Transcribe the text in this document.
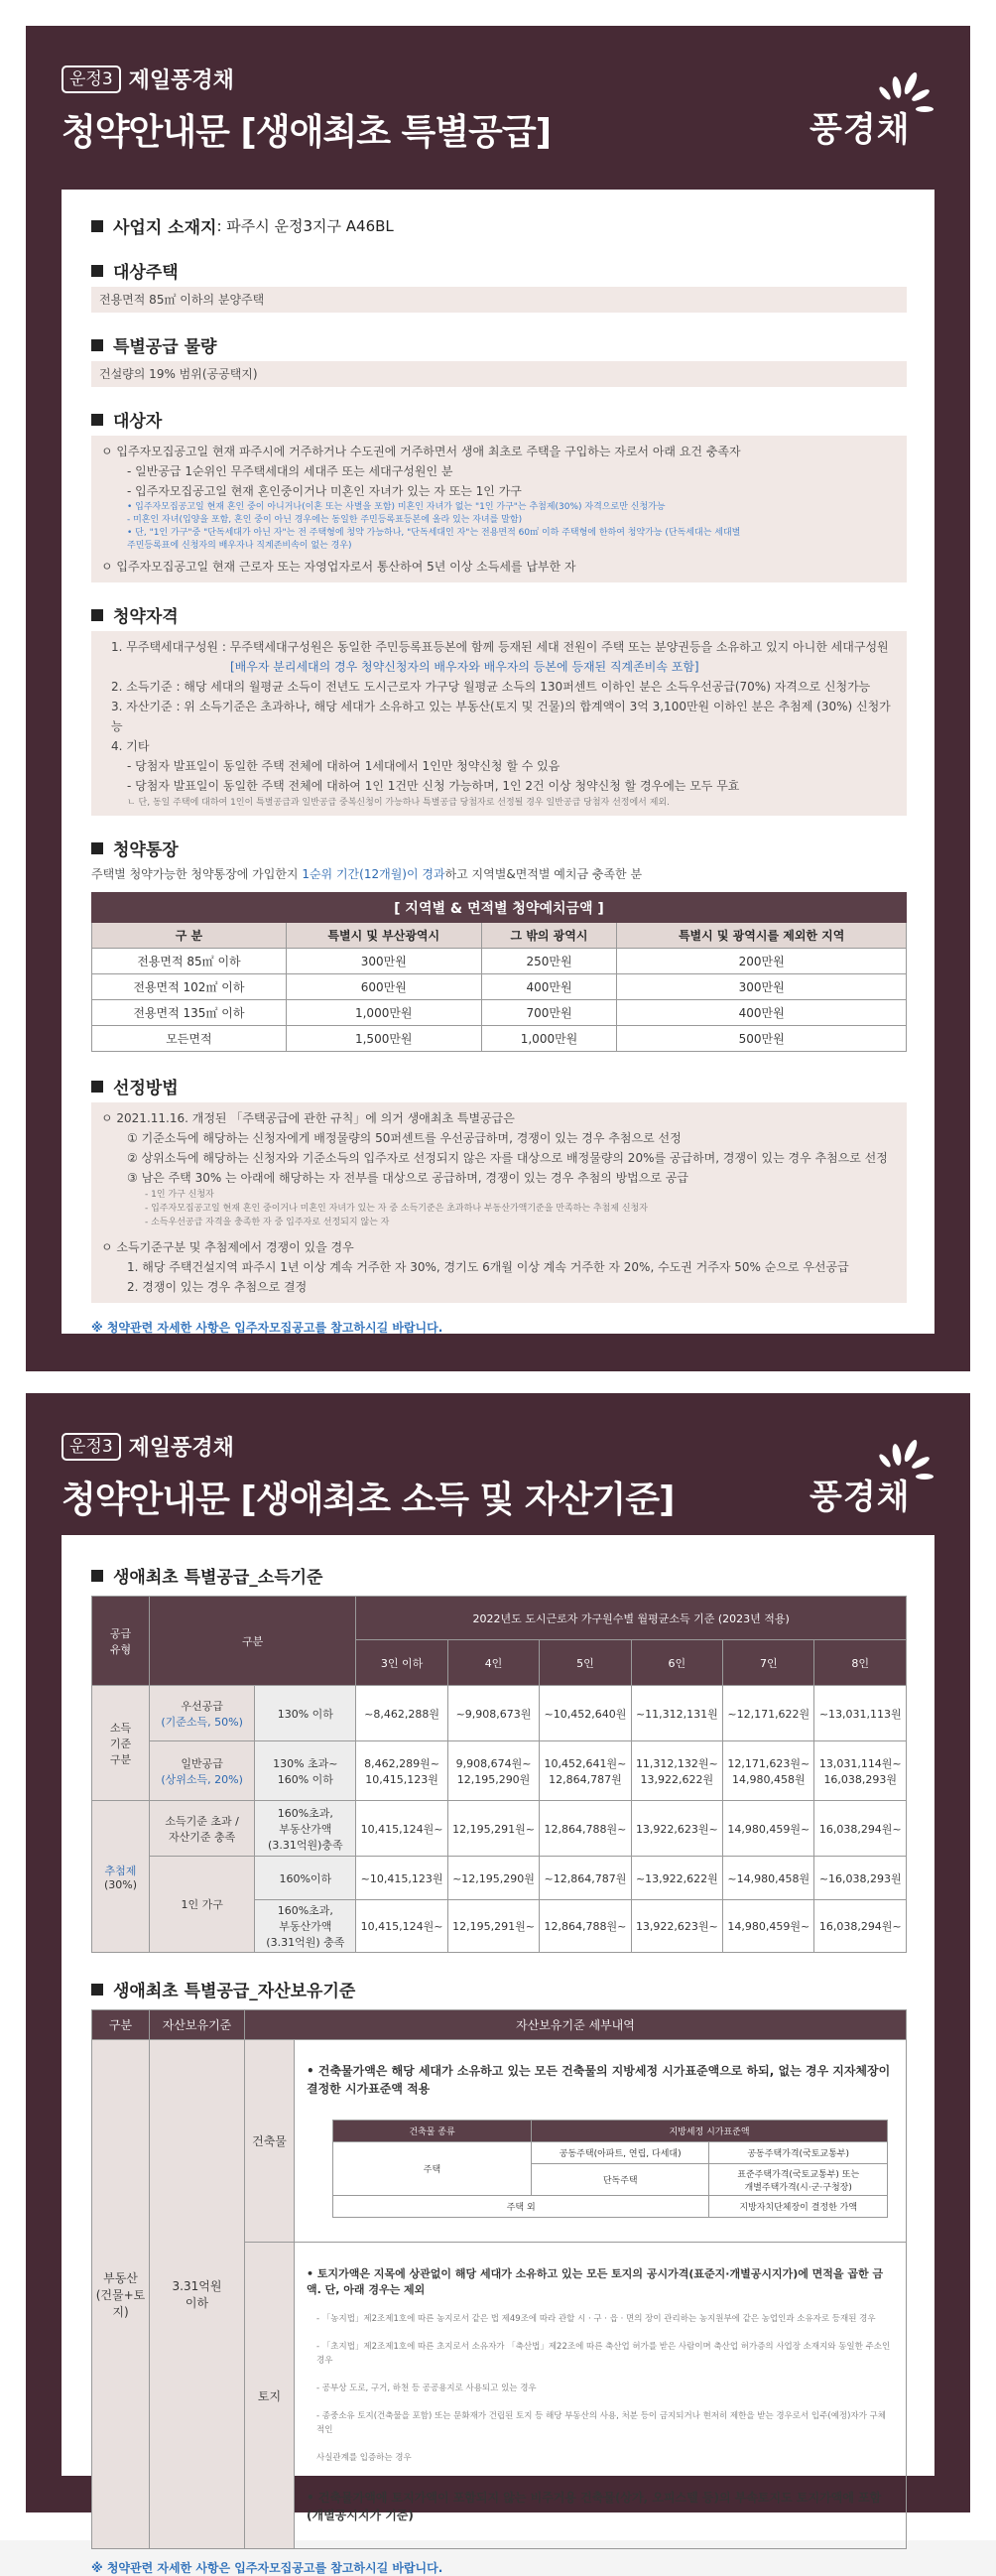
운정3 제일풍경채
청약안내문 [생애최초 특별공급]	풍경채
사업지 소재지 : 파주시 운정3지구 A46BL
대상주택
전용면적 85㎡ 이하의 분양주택
특별공급 물량
건설량의 19% 범위(공공택지)
대상자
ㅇ 입주자모집공고일 현재 파주시에 거주하거나 수도권에 거주하면서 생애 최초로 주택을 구입하는 자로서 아래 요건 충족자
- 일반공급 1순위인 무주택세대의 세대주 또는 세대구성원인 분
- 입주자모집공고일 현재 혼인중이거나 미혼인 자녀가 있는 자 또는 1인 가구
• 입주자모집공고일 현재 혼인 중이 아니거나(이혼 또는 사별을 포함) 미혼인 자녀가 없는 "1인 가구"는 추첨제(30%) 자격으로만 신청가능
- 미혼인 자녀(입양을 포함, 혼인 중이 아닌 경우에는 동일한 주민등록표등본에 올라 있는 자녀를 말함)
• 단, "1인 가구"중 "단독세대가 아닌 자"는 전 주택형에 청약 가능하나, "단독세대인 자"는 전용면적 60㎡ 이하 주택형에 한하여 청약가능 (단독세대는 세대별
주민등록표에 신청자의 배우자나 직계존비속이 없는 경우)
ㅇ 입주자모집공고일 현재 근로자 또는 자영업자로서 통산하여 5년 이상 소득세를 납부한 자
청약자격
1. 무주택세대구성원 : 무주택세대구성원은 동일한 주민등록표등본에 함께 등재된 세대 전원이 주택 또는 분양권등을 소유하고 있지 아니한 세대구성원
[배우자 분리세대의 경우 청약신청자의 배우자와 배우자의 등본에 등재된 직계존비속 포함]
2. 소득기준 : 해당 세대의 월평균 소득이 전년도 도시근로자 가구당 월평균 소득의 130퍼센트 이하인 분은 소득우선공급(70%) 자격으로 신청가능
3. 자산기준 : 위 소득기준은 초과하나, 해당 세대가 소유하고 있는 부동산(토지 및 건물)의 합계액이 3억 3,100만원 이하인 분은 추첨제 (30%) 신청가능
4. 기타
- 당첨자 발표일이 동일한 주택 전체에 대하여 1세대에서 1인만 청약신청 할 수 있음
- 당첨자 발표일이 동일한 주택 전체에 대하여 1인 1건만 신청 가능하며, 1인 2건 이상 청약신청 할 경우에는 모두 무효
ㄴ 단, 동일 주택에 대하여 1인이 특별공급과 일반공급 중복신청이 가능하나 특별공급 당첨자로 선정될 경우 일반공급 당첨자 선정에서 제외.
청약통장
주택별 청약가능한 청약통장에 가입한지 1순위 기간(12개월)이 경과하고 지역별&면적별 예치금 충족한 분
[ 지역별 & 면적별 청약예치금액 ]			
구 분	특별시 및 부산광역시	그 밖의 광역시	특별시 및 광역시를 제외한 지역
전용면적 85㎡ 이하	300만원	250만원	200만원
전용면적 102㎡ 이하	600만원	400만원	300만원
전용면적 135㎡ 이하	1,000만원	700만원	400만원
모든면적	1,500만원	1,000만원	500만원
선정방법
ㅇ 2021.11.16. 개정된 「주택공급에 관한 규칙」에 의거 생애최초 특별공급은
① 기준소득에 해당하는 신청자에게 배정물량의 50퍼센트를 우선공급하며, 경쟁이 있는 경우 추첨으로 선정
② 상위소득에 해당하는 신청자와 기준소득의 입주자로 선정되지 않은 자를 대상으로 배정물량의 20%를 공급하며, 경쟁이 있는 경우 추첨으로 선정
③ 남은 주택 30% 는 아래에 해당하는 자 전부를 대상으로 공급하며, 경쟁이 있는 경우 추첨의 방법으로 공급
- 1인 가구 신청자
- 입주자모집공고일 현재 혼인 중이거나 미혼인 자녀가 있는 자 중 소득기준은 초과하나 부동산가액기준을 만족하는 추첨제 신청자
- 소득우선공급 자격을 충족한 자 중 입주자로 선정되지 않는 자
ㅇ 소득기준구분 및 추첨제에서 경쟁이 있을 경우
1. 해당 주택건설지역 파주시 1년 이상 계속 거주한 자 30%, 경기도 6개월 이상 계속 거주한 자 20%, 수도권 거주자 50% 순으로 우선공급
2. 경쟁이 있는 경우 추첨으로 결정
※ 청약관련 자세한 사항은 입주자모집공고를 참고하시길 바랍니다.
운정3 제일풍경채
청약안내문 [생애최초 소득 및 자산기준]	풍경채
생애최초 특별공급_소득기준
공급
유형	구분		2022년도 도시근로자 가구원수별 월평균소득 기준 (2023년 적용)					
			3인 이하	4인	5인	6인	7인	8인
소득
기준
구분	우선공급
(기준소득, 50%)	130% 이하	~8,462,288원	~9,908,673원	~10,452,640원	~11,312,131원	~12,171,622원	~13,031,113원
	일반공급
(상위소득, 20%)	130% 초과~
160% 이하	8,462,289원~
10,415,123원	9,908,674원~
12,195,290원	10,452,641원~
12,864,787원	11,312,132원~
13,922,622원	12,171,623원~
14,980,458원	13,031,114원~
16,038,293원
추첨제
(30%)	소득기준 초과 /
자산기준 충족	160%초과,
부동산가액
(3.31억원)충족	10,415,124원~	12,195,291원~	12,864,788원~	13,922,623원~	14,980,459원~	16,038,294원~
	1인 가구	160%이하	~10,415,123원	~12,195,290원	~12,864,787원	~13,922,622원	~14,980,458원	~16,038,293원
		160%초과,
부동산가액
(3.31억원) 충족	10,415,124원~	12,195,291원~	12,864,788원~	13,922,623원~	14,980,459원~	16,038,294원~
생애최초 특별공급_자산보유기준
구분	자산보유기준	자산보유기준 세부내역
부동산
(건물+토지)	3.31억원
이하	건축물	

• 건축물가액은 해당 세대가 소유하고 있는 모든 건축물의 지방세정 시가표준액으로 하되, 없는 경우 지자체장이 결정한 시가표준액 적용

건축물 종류	지방세정 시가표준액
주택	공동주택(아파트, 연립, 다세대)	공동주택가격(국토교통부)
단독주택	표준주택가격(국토교통부) 또는
개별주택가격(시·군·구청장)
주택 외	지방자치단체장이 결정한 가액

토지	

• 토지가액은 지목에 상관없이 해당 세대가 소유하고 있는 모든 토지의 공시가격(표준지·개별공시지가)에 면적을 곱한 금액. 단, 아래 경우는 제외

- 「농지법」제2조제1호에 따른 농지로서 같은 법 제49조에 따라 관할 시 · 구 · 읍 · 면의 장이 관리하는 농지원부에 같은 농업인과 소유자로 등재된 경우

- 「초지법」제2조제1호에 따른 초지로서 소유자가 「축산법」제22조에 따른 축산업 허가를 받은 사람이며 축산업 허가증의 사업장 소재지와 동일한 주소인 경우

- 공부상 도로, 구거, 하천 등 공공용지로 사용되고 있는 경우

- 종중소유 토지(건축물을 포함) 또는 문화재가 건립된 토지 등 해당 부동산의 사용, 처분 등이 금지되거나 현저히 제한을 받는 경우로서 입주(예정)자가 구체적인

사실관계를 입증하는 경우

• 건축물가액에 토지가액이 포함되지 않는 비주거용 건축물(상가, 오피스텔 등)의 부속토지도 토지가액에 포함(개별공시지가 기준)

※ 청약관련 자세한 사항은 입주자모집공고를 참고하시길 바랍니다.
